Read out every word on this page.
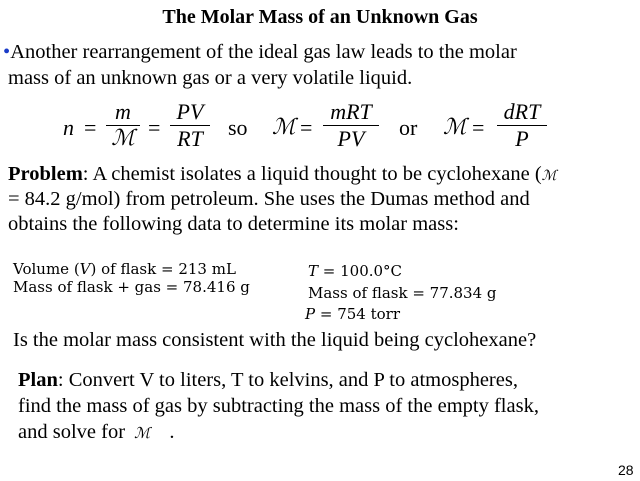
The Molar Mass of an Unknown Gas
•Another rearrangement of the ideal gas law leads to the molar
mass of an unknown gas or a very volatile liquid.
n =
m
ℳ =
PV
RT	so ℳ =
mRT
PV	or ℳ =
dRT
P
Problem: A chemist isolates a liquid thought to be cyclohexane (ℳ
= 84.2 g/mol) from petroleum. She uses the Dumas method and
obtains the following data to determine its molar mass:
Volume (V) of flask = 213 mL
Mass of flask + gas = 78.416 g
T = 100.0°C
Mass of flask = 77.834 g
P = 754 torr
Is the molar mass consistent with the liquid being cyclohexane?
Plan: Convert V to liters, T to kelvins, and P to atmospheres,
find the mass of gas by subtracting the mass of the empty flask,
and solve for ℳ .
28
